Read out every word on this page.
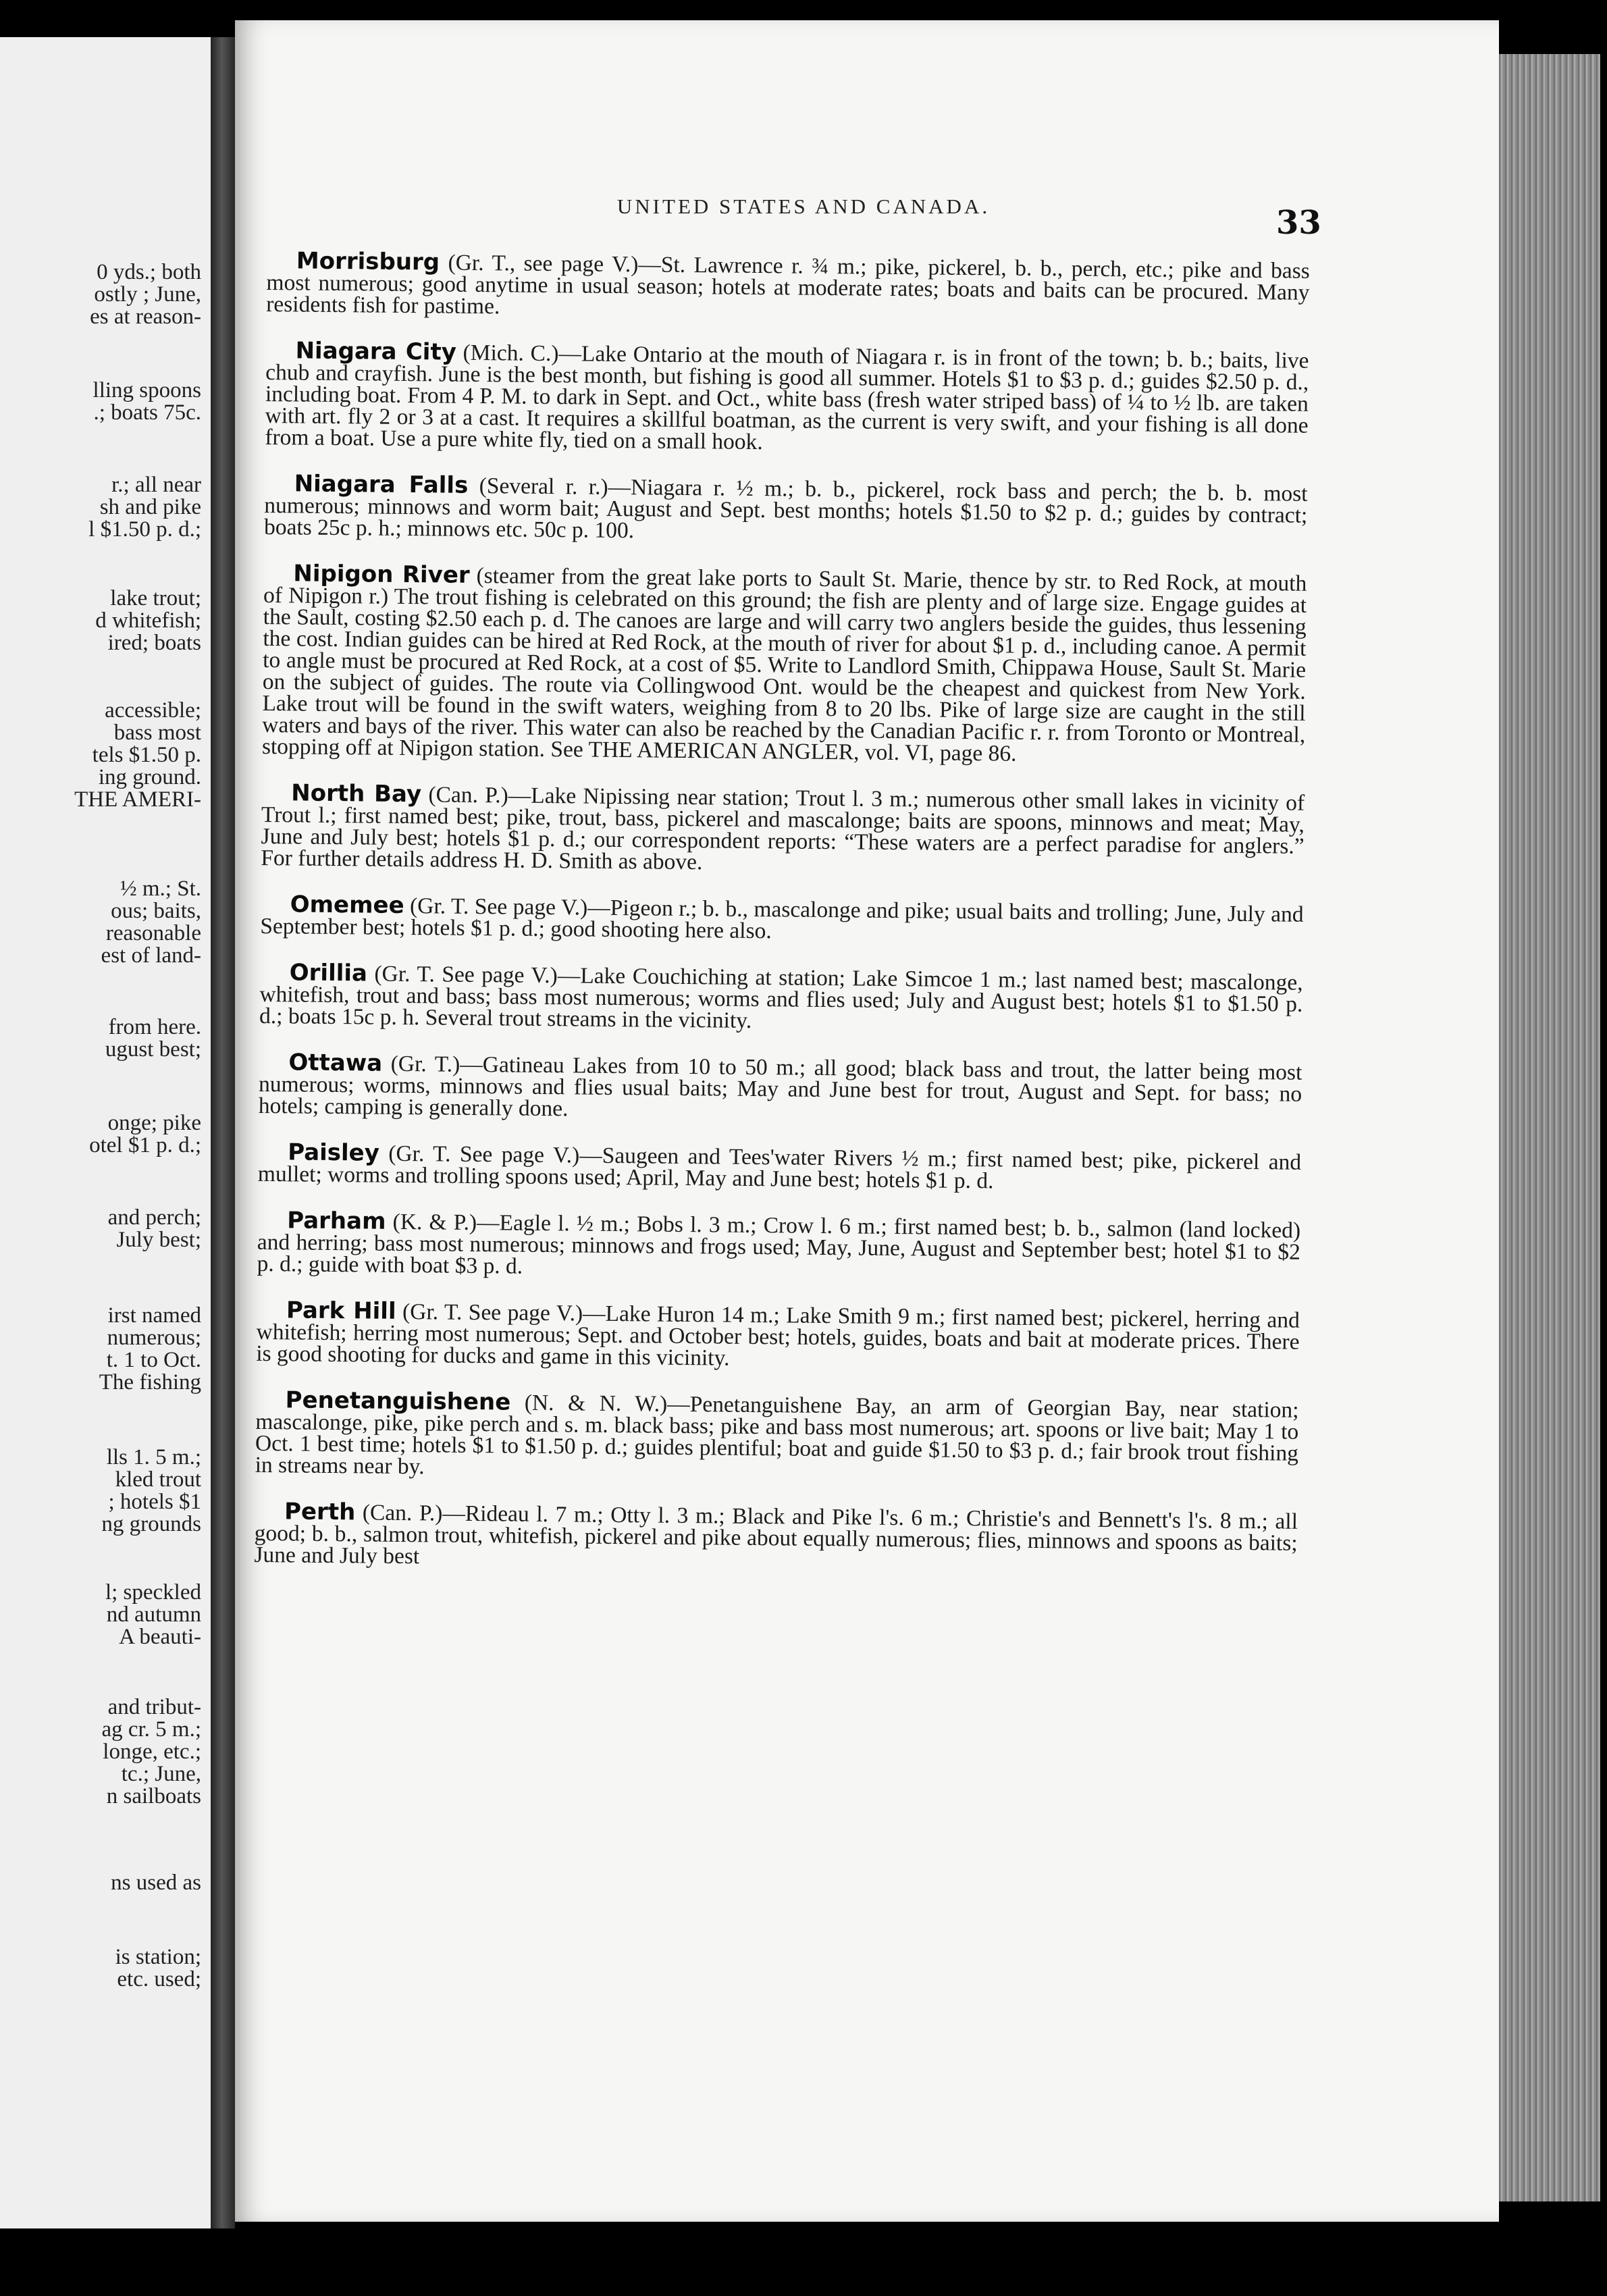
0 yds.; both
ostly ; June,
es at reason-
lling spoons
.; boats 75c.
r.; all near
sh and pike
l $1.50 p. d.;
lake trout;
d whitefish;
ired; boats
accessible;
bass most
tels $1.50 p.
ing ground.
THE AMERI-
½ m.; St.
ous; baits,
reasonable
est of land-
from here.
ugust best;
onge; pike
otel $1 p. d.;
and perch;
July best;
irst named
numerous;
t. 1 to Oct.
The fishing
lls 1. 5 m.;
kled trout
; hotels $1
ng grounds
l; speckled
nd autumn
A beauti-
and tribut-
ag cr. 5 m.;
longe, etc.;
tc.; June,
n sailboats
ns used as
is station;
etc. used;
UNITED STATES AND CANADA.	33

Morrisburg (Gr. T., see page V.)—St. Lawrence r. ¾ m.; pike, pickerel, b. b., perch, etc.; pike and bass most numerous; good anytime in usual season; hotels at moderate rates; boats and baits can be procured. Many residents fish for pastime.

Niagara City (Mich. C.)—Lake Ontario at the mouth of Niagara r. is in front of the town; b. b.; baits, live chub and crayfish. June is the best month, but fishing is good all summer. Hotels $1 to $3 p. d.; guides $2.50 p. d., including boat. From 4 P. M. to dark in Sept. and Oct., white bass (fresh water striped bass) of ¼ to ½ lb. are taken with art. fly 2 or 3 at a cast. It requires a skillful boatman, as the current is very swift, and your fishing is all done from a boat. Use a pure white fly, tied on a small hook.

Niagara Falls (Several r. r.)—Niagara r. ½ m.; b. b., pickerel, rock bass and perch; the b. b. most numerous; minnows and worm bait; August and Sept. best months; hotels $1.50 to $2 p. d.; guides by contract; boats 25c p. h.; minnows etc. 50c p. 100.

Nipigon River (steamer from the great lake ports to Sault St. Marie, thence by str. to Red Rock, at mouth of Nipigon r.) The trout fishing is celebrated on this ground; the fish are plenty and of large size. Engage guides at the Sault, costing $2.50 each p. d. The canoes are large and will carry two anglers beside the guides, thus lessening the cost. Indian guides can be hired at Red Rock, at the mouth of river for about $1 p. d., including canoe. A permit to angle must be procured at Red Rock, at a cost of $5. Write to Landlord Smith, Chippawa House, Sault St. Marie on the subject of guides. The route via Collingwood Ont. would be the cheapest and quickest from New York. Lake trout will be found in the swift waters, weighing from 8 to 20 lbs. Pike of large size are caught in the still waters and bays of the river. This water can also be reached by the Canadian Pacific r. r. from Toronto or Montreal, stopping off at Nipigon station. See THE AMERICAN ANGLER, vol. VI, page 86.

North Bay (Can. P.)—Lake Nipissing near station; Trout l. 3 m.; numerous other small lakes in vicinity of Trout l.; first named best; pike, trout, bass, pickerel and mascalonge; baits are spoons, minnows and meat; May, June and July best; hotels $1 p. d.; our correspondent reports: “These waters are a perfect paradise for anglers.” For further details address H. D. Smith as above.

Omemee (Gr. T. See page V.)—Pigeon r.; b. b., mascalonge and pike; usual baits and trolling; June, July and September best; hotels $1 p. d.; good shooting here also.

Orillia (Gr. T. See page V.)—Lake Couchiching at station; Lake Simcoe 1 m.; last named best; mascalonge, whitefish, trout and bass; bass most numerous; worms and flies used; July and August best; hotels $1 to $1.50 p. d.; boats 15c p. h. Several trout streams in the vicinity.

Ottawa (Gr. T.)—Gatineau Lakes from 10 to 50 m.; all good; black bass and trout, the latter being most numerous; worms, minnows and flies usual baits; May and June best for trout, August and Sept. for bass; no hotels; camping is generally done.

Paisley (Gr. T. See page V.)—Saugeen and Tees'water Rivers ½ m.; first named best; pike, pickerel and mullet; worms and trolling spoons used; April, May and June best; hotels $1 p. d.

Parham (K. & P.)—Eagle l. ½ m.; Bobs l. 3 m.; Crow l. 6 m.; first named best; b. b., salmon (land locked) and herring; bass most numerous; minnows and frogs used; May, June, August and September best; hotel $1 to $2 p. d.; guide with boat $3 p. d.

Park Hill (Gr. T. See page V.)—Lake Huron 14 m.; Lake Smith 9 m.; first named best; pickerel, herring and whitefish; herring most numerous; Sept. and October best; hotels, guides, boats and bait at moderate prices. There is good shooting for ducks and game in this vicinity.

Penetanguishene (N. & N. W.)—Penetanguishene Bay, an arm of Georgian Bay, near station; mascalonge, pike, pike perch and s. m. black bass; pike and bass most numerous; art. spoons or live bait; May 1 to Oct. 1 best time; hotels $1 to $1.50 p. d.; guides plentiful; boat and guide $1.50 to $3 p. d.; fair brook trout fishing in streams near by.

Perth (Can. P.)—Rideau l. 7 m.; Otty l. 3 m.; Black and Pike l's. 6 m.; Christie's and Bennett's l's. 8 m.; all good; b. b., salmon trout, whitefish, pickerel and pike about equally numerous; flies, minnows and spoons as baits; June and July best
